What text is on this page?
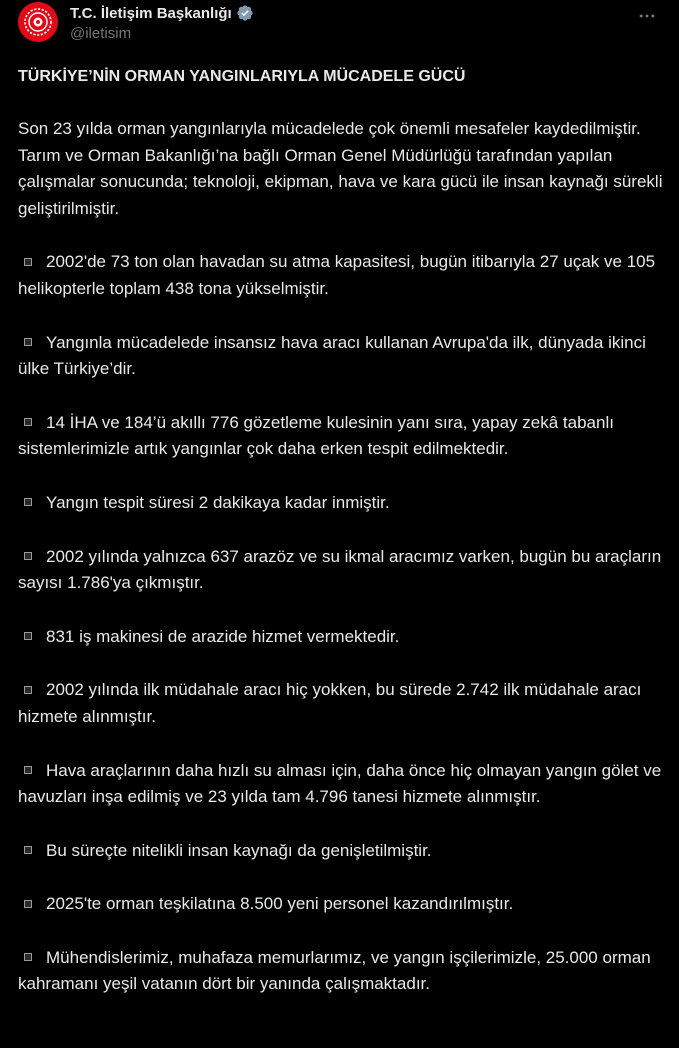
T.C. İletişim Başkanlığı
@iletisim
TÜRKİYE’NİN ORMAN YANGINLARIYLA MÜCADELE GÜCÜ
Son 23 yılda orman yangınlarıyla mücadelede çok önemli mesafeler kaydedilmiştir. Tarım ve Orman Bakanlığı’na bağlı Orman Genel Müdürlüğü tarafından yapılan çalışmalar sonucunda; teknoloji, ekipman, hava ve kara gücü ile insan kaynağı sürekli geliştirilmiştir.
2002'de 73 ton olan havadan su atma kapasitesi, bugün itibarıyla 27 uçak ve 105 helikopterle toplam 438 tona yükselmiştir.
Yangınla mücadelede insansız hava aracı kullanan Avrupa'da ilk, dünyada ikinci ülke Türkiye’dir.
14 İHA ve 184’ü akıllı 776 gözetleme kulesinin yanı sıra, yapay zekâ tabanlı sistemlerimizle artık yangınlar çok daha erken tespit edilmektedir.
Yangın tespit süresi 2 dakikaya kadar inmiştir.
2002 yılında yalnızca 637 arazöz ve su ikmal aracımız varken, bugün bu araçların sayısı 1.786'ya çıkmıştır.
831 iş makinesi de arazide hizmet vermektedir.
2002 yılında ilk müdahale aracı hiç yokken, bu sürede 2.742 ilk müdahale aracı hizmete alınmıştır.
Hava araçlarının daha hızlı su alması için, daha önce hiç olmayan yangın gölet ve havuzları inşa edilmiş ve 23 yılda tam 4.796 tanesi hizmete alınmıştır.
Bu süreçte nitelikli insan kaynağı da genişletilmiştir.
2025'te orman teşkilatına 8.500 yeni personel kazandırılmıştır.
Mühendislerimiz, muhafaza memurlarımız, ve yangın işçilerimizle, 25.000 orman kahramanı yeşil vatanın dört bir yanında çalışmaktadır.
